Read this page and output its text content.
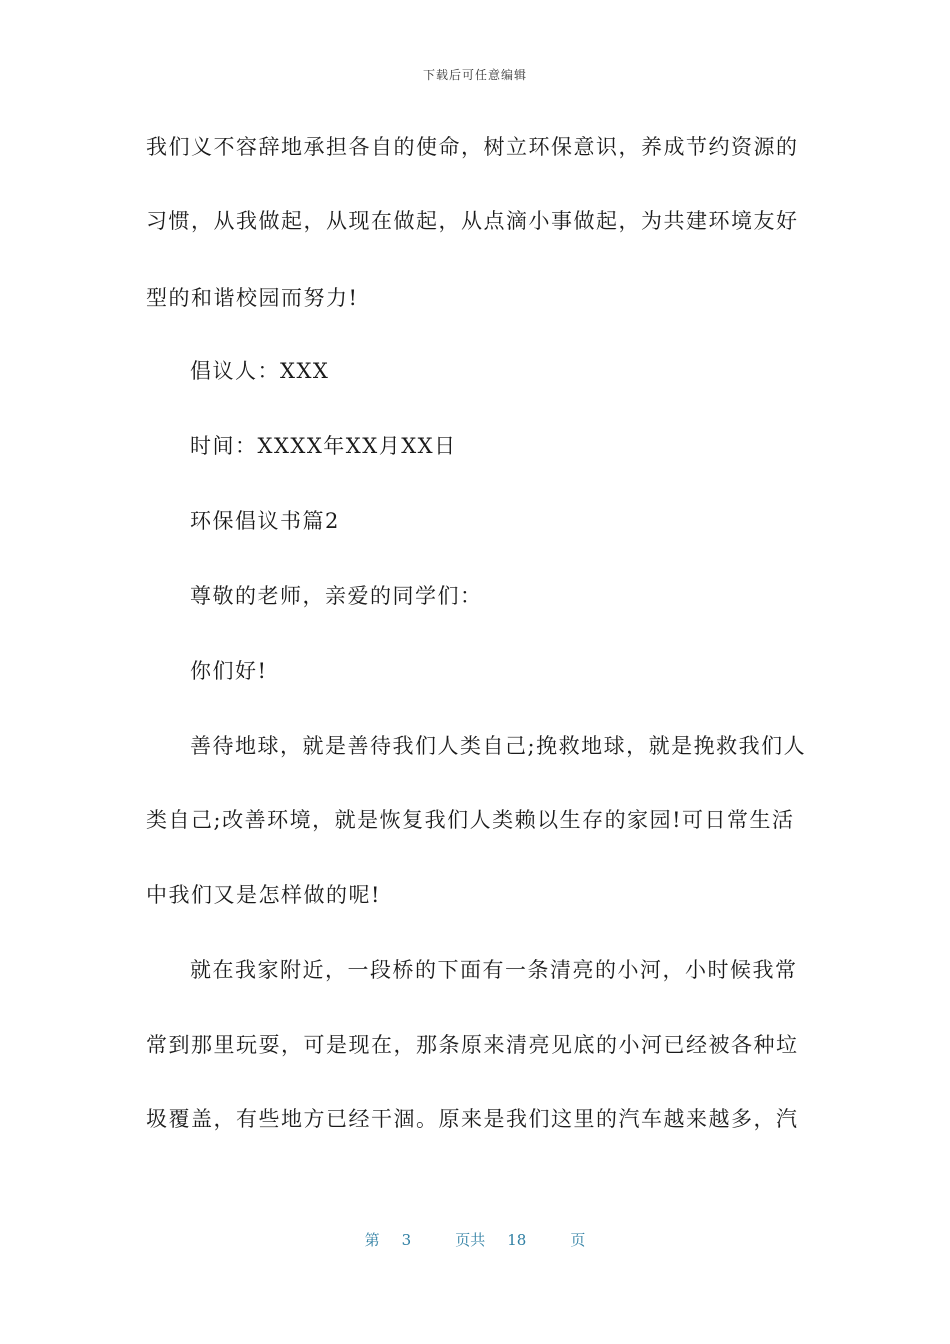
下载后可任意编辑
我们义不容辞地承担各自的使命，树立环保意识，养成节约资源的
习惯，从我做起，从现在做起，从点滴小事做起，为共建环境友好
型的和谐校园而努力!
倡议人：XXX
时间：XXXX年XX月XX日
环保倡议书篇2
尊敬的老师，亲爱的同学们：
你们好!
善待地球，就是善待我们人类自己;挽救地球，就是挽救我们人
类自己;改善环境，就是恢复我们人类赖以生存的家园!可日常生活
中我们又是怎样做的呢!
就在我家附近，一段桥的下面有一条清亮的小河，小时候我常
常到那里玩耍，可是现在，那条原来清亮见底的小河已经被各种垃
圾覆盖，有些地方已经干涸。原来是我们这里的汽车越来越多，汽
第 3	页共 18	页
